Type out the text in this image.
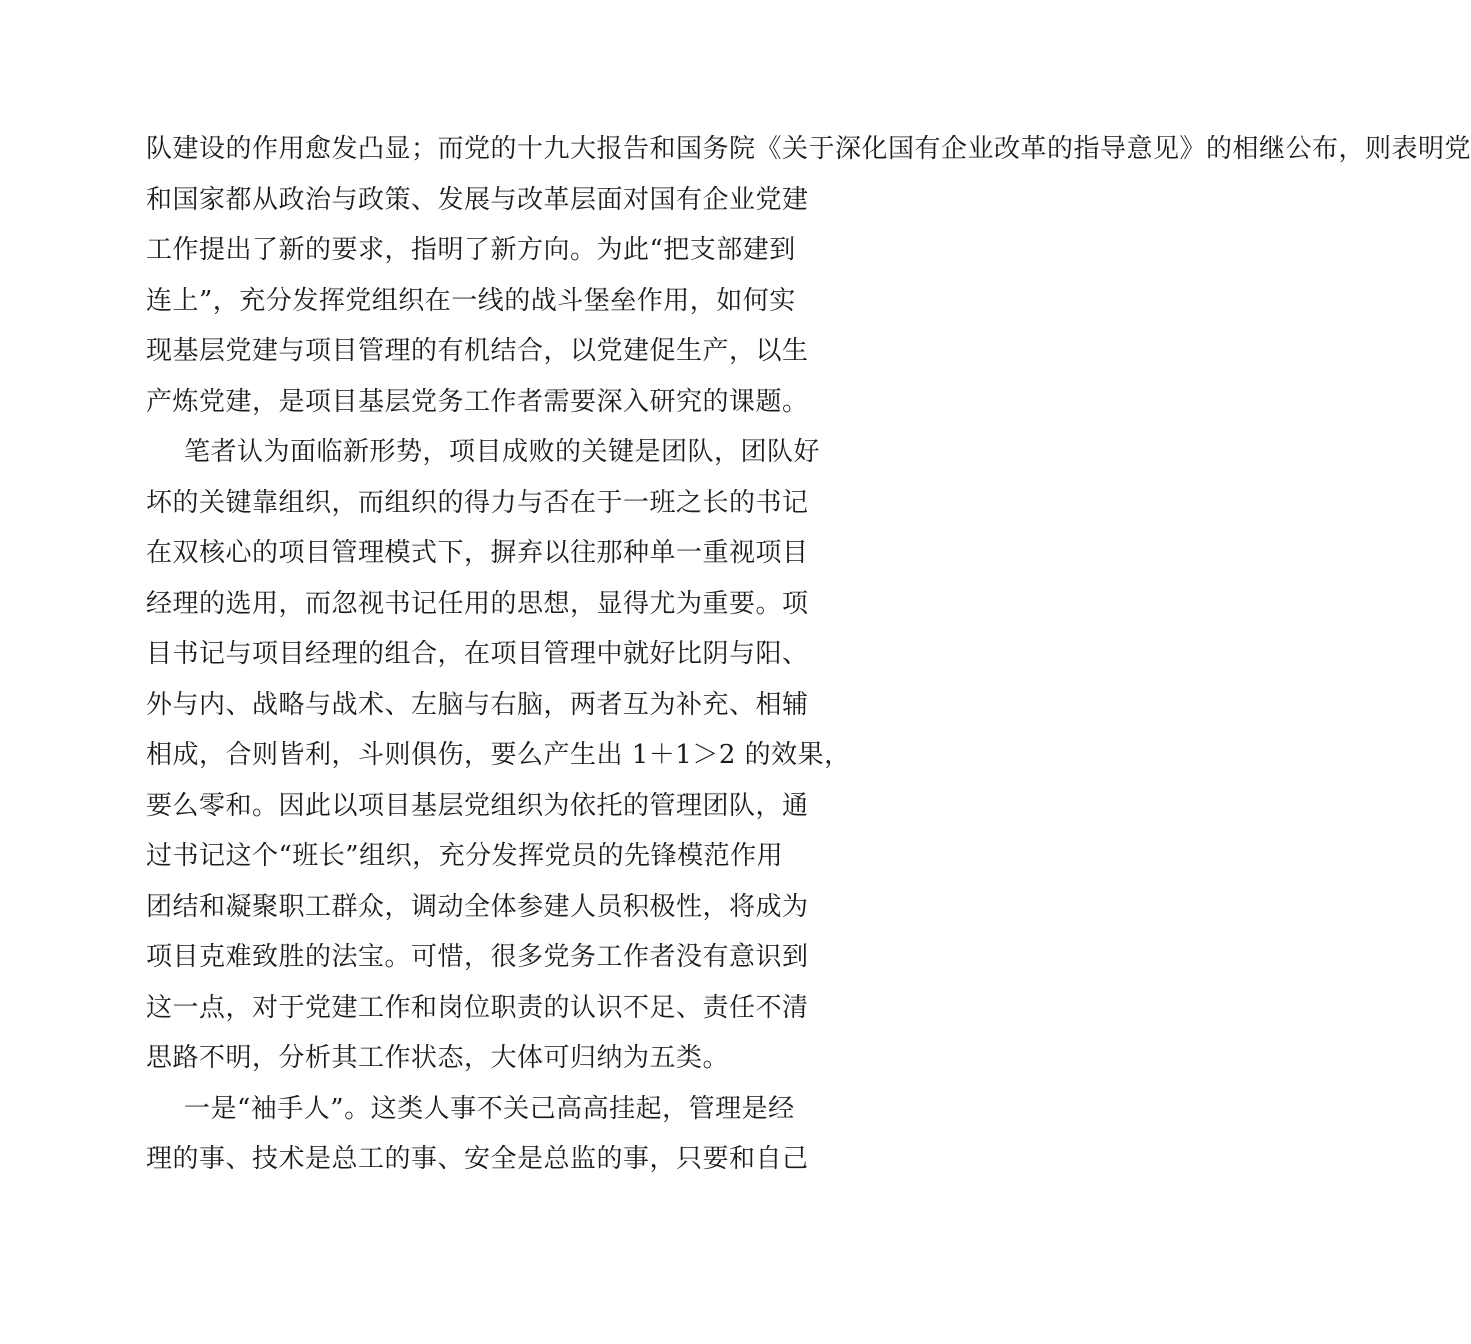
队建设的作用愈发凸显；而党的十九大报告和国务院《关于深化国有企业改革的指导意见》的相继公布，则表明党
和国家都从政治与政策、发展与改革层面对国有企业党建
工作提出了新的要求，指明了新方向。为此“把支部建到
连上”，充分发挥党组织在一线的战斗堡垒作用，如何实
现基层党建与项目管理的有机结合，以党建促生产，以生
产炼党建，是项目基层党务工作者需要深入研究的课题。
笔者认为面临新形势，项目成败的关键是团队，团队好
坏的关键靠组织，而组织的得力与否在于一班之长的书记
在双核心的项目管理模式下，摒弃以往那种单一重视项目
经理的选用，而忽视书记任用的思想，显得尤为重要。项
目书记与项目经理的组合，在项目管理中就好比阴与阳、
外与内、战略与战术、左脑与右脑，两者互为补充、相辅
相成，合则皆利，斗则俱伤，要么产生出 1＋1＞2 的效果，
要么零和。因此以项目基层党组织为依托的管理团队，通
过书记这个“班长”组织，充分发挥党员的先锋模范作用
团结和凝聚职工群众，调动全体参建人员积极性，将成为
项目克难致胜的法宝。可惜，很多党务工作者没有意识到
这一点，对于党建工作和岗位职责的认识不足、责任不清
思路不明，分析其工作状态，大体可归纳为五类。
一是“袖手人”。这类人事不关己高高挂起，管理是经
理的事、技术是总工的事、安全是总监的事，只要和自己
